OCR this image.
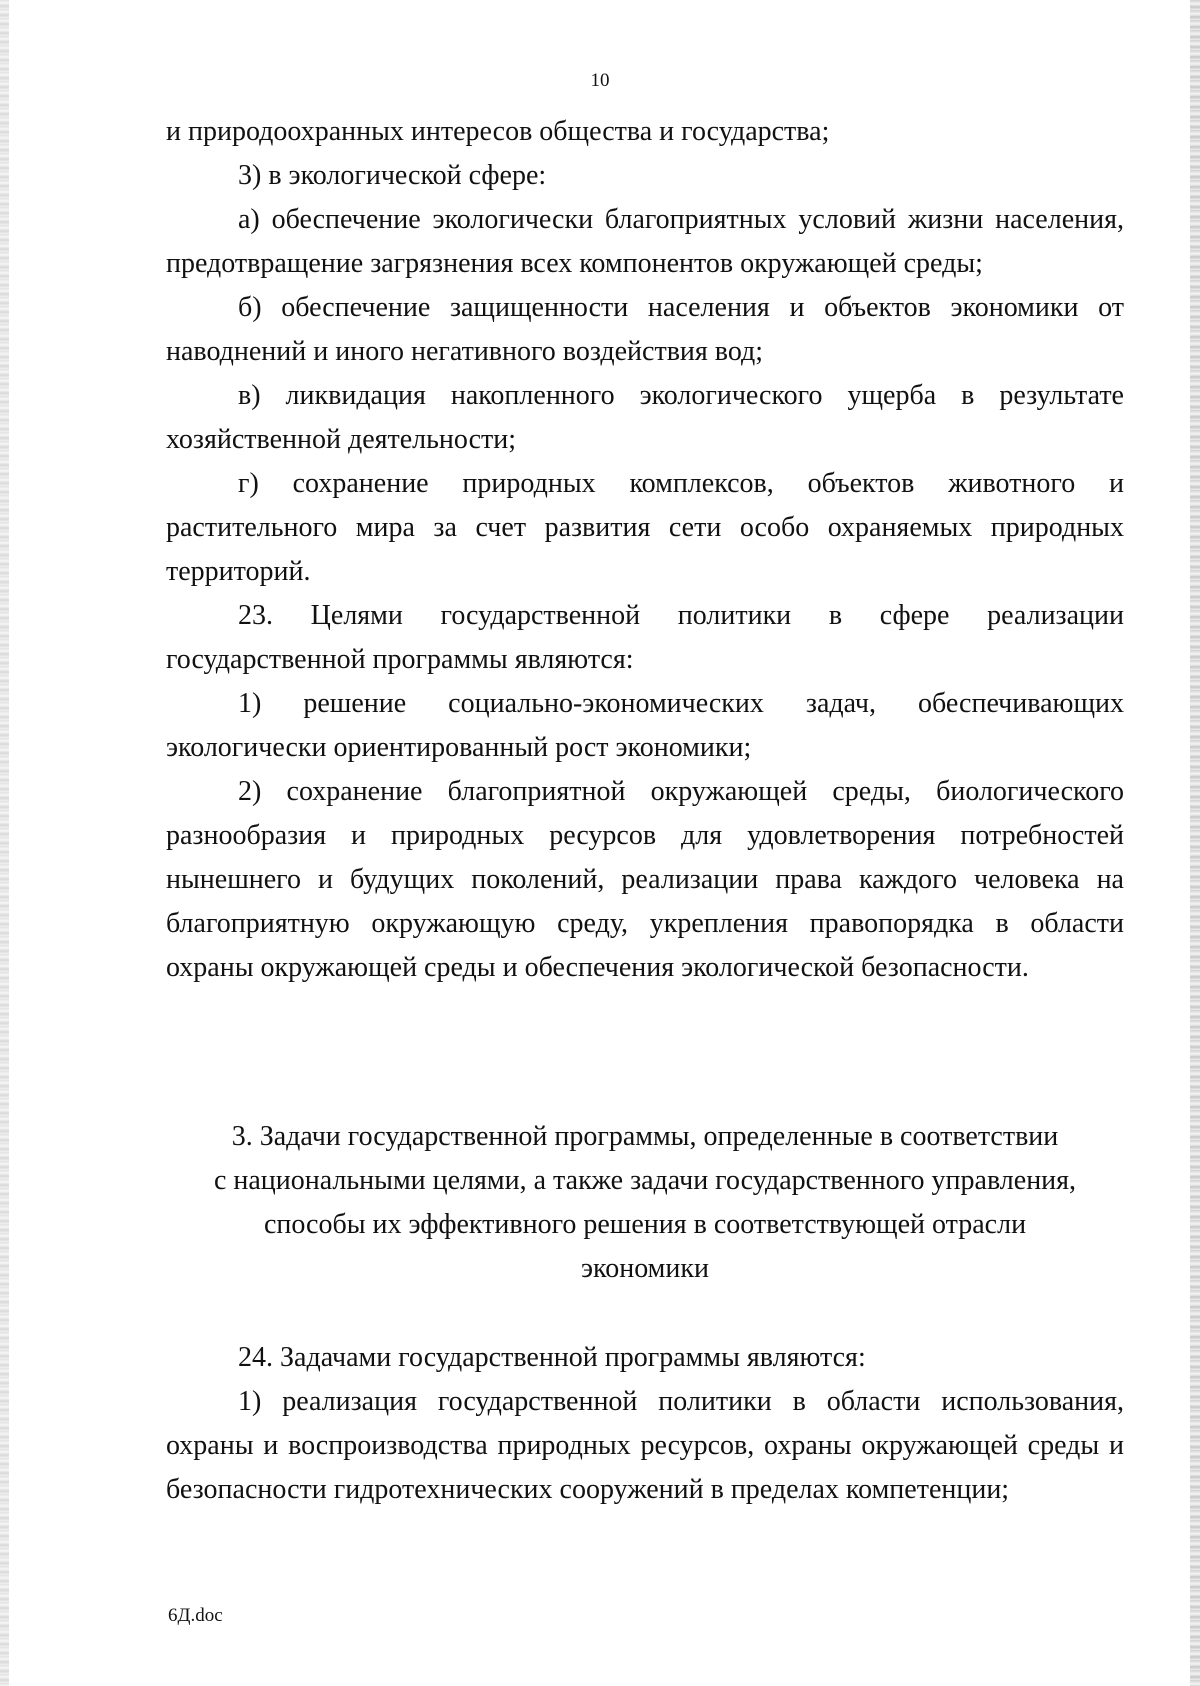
10

и природоохранных интересов общества и государства;

3) в экологической сфере:

а) обеспечение экологически благоприятных условий жизни населения, предотвращение загрязнения всех компонентов окружающей среды;

б) обеспечение защищенности населения и объектов экономики от наводнений и иного негативного воздействия вод;

в) ликвидация накопленного экологического ущерба в результате хозяйственной деятельности;

г) сохранение природных комплексов, объектов животного и растительного мира за счет развития сети особо охраняемых природных территорий.

23. Целями государственной политики в сфере реализации государственной программы являются:

1) решение социально-экономических задач, обеспечивающих экологически ориентированный рост экономики;

2) сохранение благоприятной окружающей среды, биологического разнообразия и природных ресурсов для удовлетворения потребностей нынешнего и будущих поколений, реализации права каждого человека на благоприятную окружающую среду, укрепления правопорядка в области охраны окружающей среды и обеспечения экологической безопасности.

3. Задачи государственной программы, определенные в соответствии
с национальными целями, а также задачи государственного управления,
способы их эффективного решения в соответствующей отрасли
экономики

24. Задачами государственной программы являются:

1) реализация государственной политики в области использования, охраны и воспроизводства природных ресурсов, охраны окружающей среды и безопасности гидротехнических сооружений в пределах компетенции;

6Д.doc
